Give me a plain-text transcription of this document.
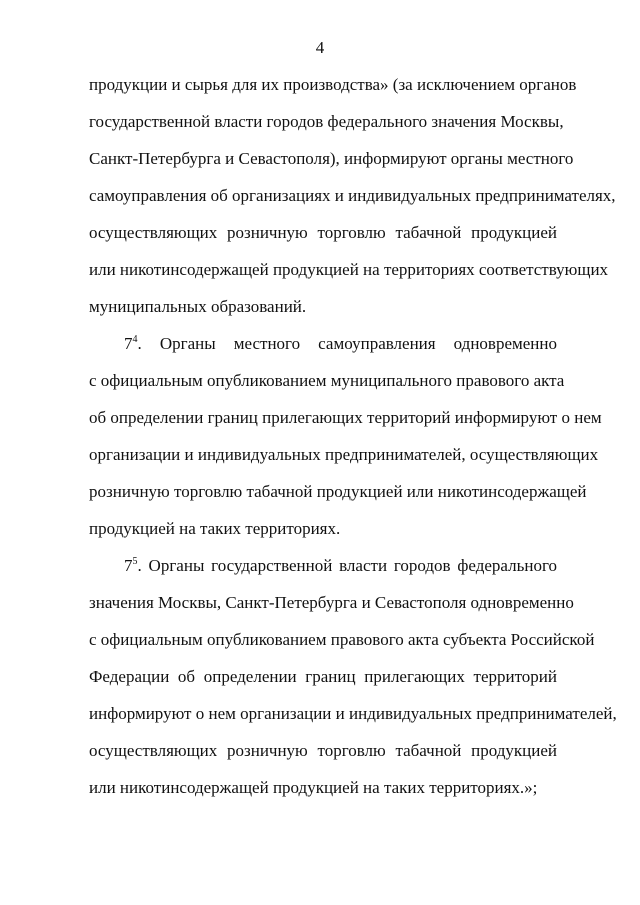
4
продукции и сырья для их производства» (за исключением органов
государственной власти городов федерального значения Москвы,
Санкт-Петербурга и Севастополя), информируют органы местного
самоуправления об организациях и индивидуальных предпринимателях,
осуществляющих розничную торговлю табачной продукцией
или никотинсодержащей продукцией на территориях соответствующих
муниципальных образований.
$7^4$. Органы местного самоуправления одновременно
с официальным опубликованием муниципального правового акта
об определении границ прилегающих территорий информируют о нем
организации и индивидуальных предпринимателей, осуществляющих
розничную торговлю табачной продукцией или никотинсодержащей
продукцией на таких территориях.
$7^5$. Органы государственной власти городов федерального
значения Москвы, Санкт-Петербурга и Севастополя одновременно
с официальным опубликованием правового акта субъекта Российской
Федерации об определении границ прилегающих территорий
информируют о нем организации и индивидуальных предпринимателей,
осуществляющих розничную торговлю табачной продукцией
или никотинсодержащей продукцией на таких территориях.»;
